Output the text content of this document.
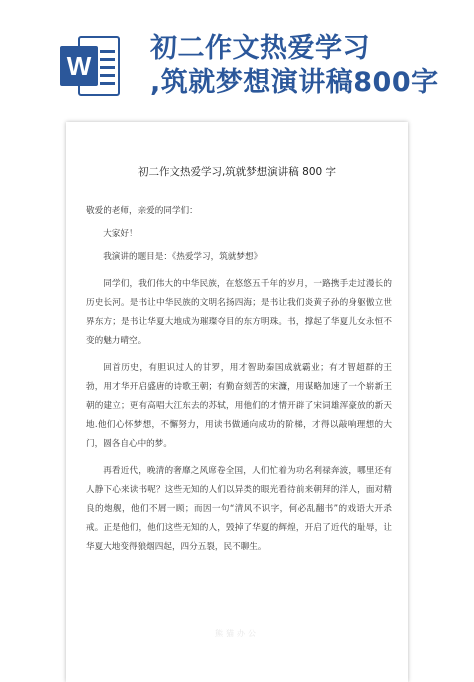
W
初二作文热爱学习
,筑就梦想演讲稿800字
初二作文热爱学习,筑就梦想演讲稿 800 字

敬爱的老师，亲爱的同学们：

大家好！

我演讲的题目是：《热爱学习，筑就梦想》

同学们，我们伟大的中华民族，在悠悠五千年的岁月，一路携手走过漫长的历史长河。是书让中华民族的文明名扬四海；是书让我们炎黄子孙的身躯傲立世界东方；是书让华夏大地成为璀璨夺目的东方明珠。书，撑起了华夏儿女永恒不变的魅力晴空。

回首历史，有胆识过人的甘罗，用才智助秦国成就霸业；有才智超群的王勃，用才华开启盛唐的诗歌王朝；有勤奋刻苦的宋濂，用谋略加速了一个崭新王朝的建立；更有高唱大江东去的苏轼，用他们的才情开辟了宋词雄浑豪放的新天地.他们心怀梦想，不懈努力，用读书做通向成功的阶梯，才得以敲响理想的大门，圆各自心中的梦。

再看近代，晚清的奢靡之风席卷全国，人们忙着为功名利禄奔波，哪里还有人静下心来读书呢？这些无知的人们以异类的眼光看待前来朝拜的洋人，面对精良的炮舰，他们不屑一顾；而因一句“清风不识字，何必乱翻书”的戏语大开杀戒。正是他们，他们这些无知的人，毁掉了华夏的辉煌，开启了近代的耻辱，让华夏大地变得狼烟四起，四分五裂，民不聊生。

熊猫办公
